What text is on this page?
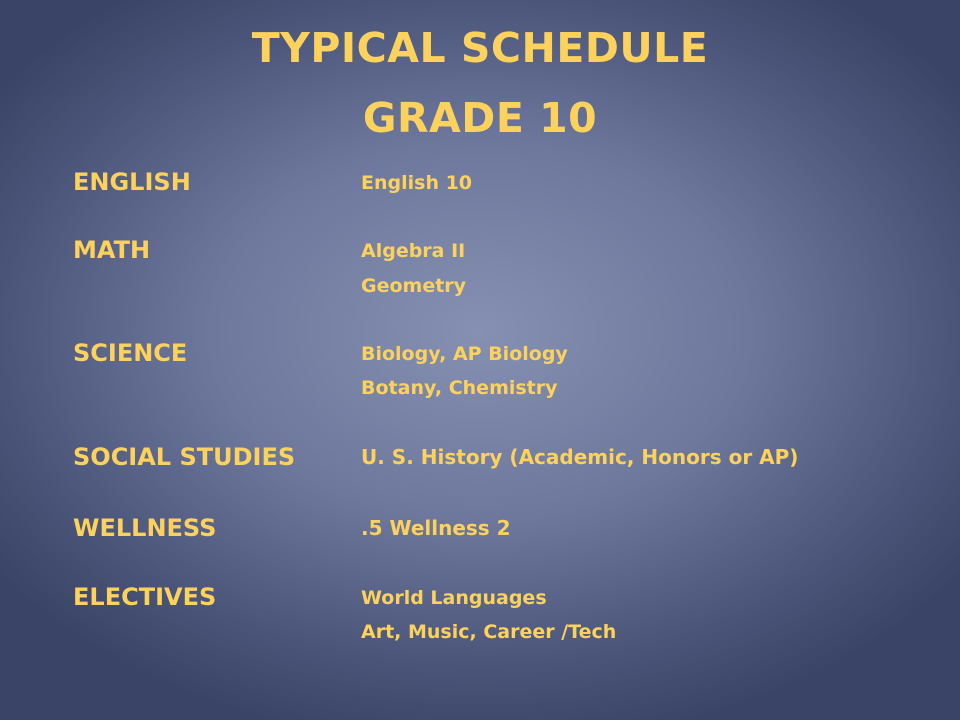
TYPICAL SCHEDULE
GRADE 10
ENGLISH	English 10
MATH	Algebra II
Geometry
SCIENCE	Biology, AP Biology
Botany, Chemistry
SOCIAL STUDIES	U. S. History (Academic, Honors or AP)
WELLNESS	.5 Wellness 2
ELECTIVES	World Languages
Art, Music, Career /Tech
